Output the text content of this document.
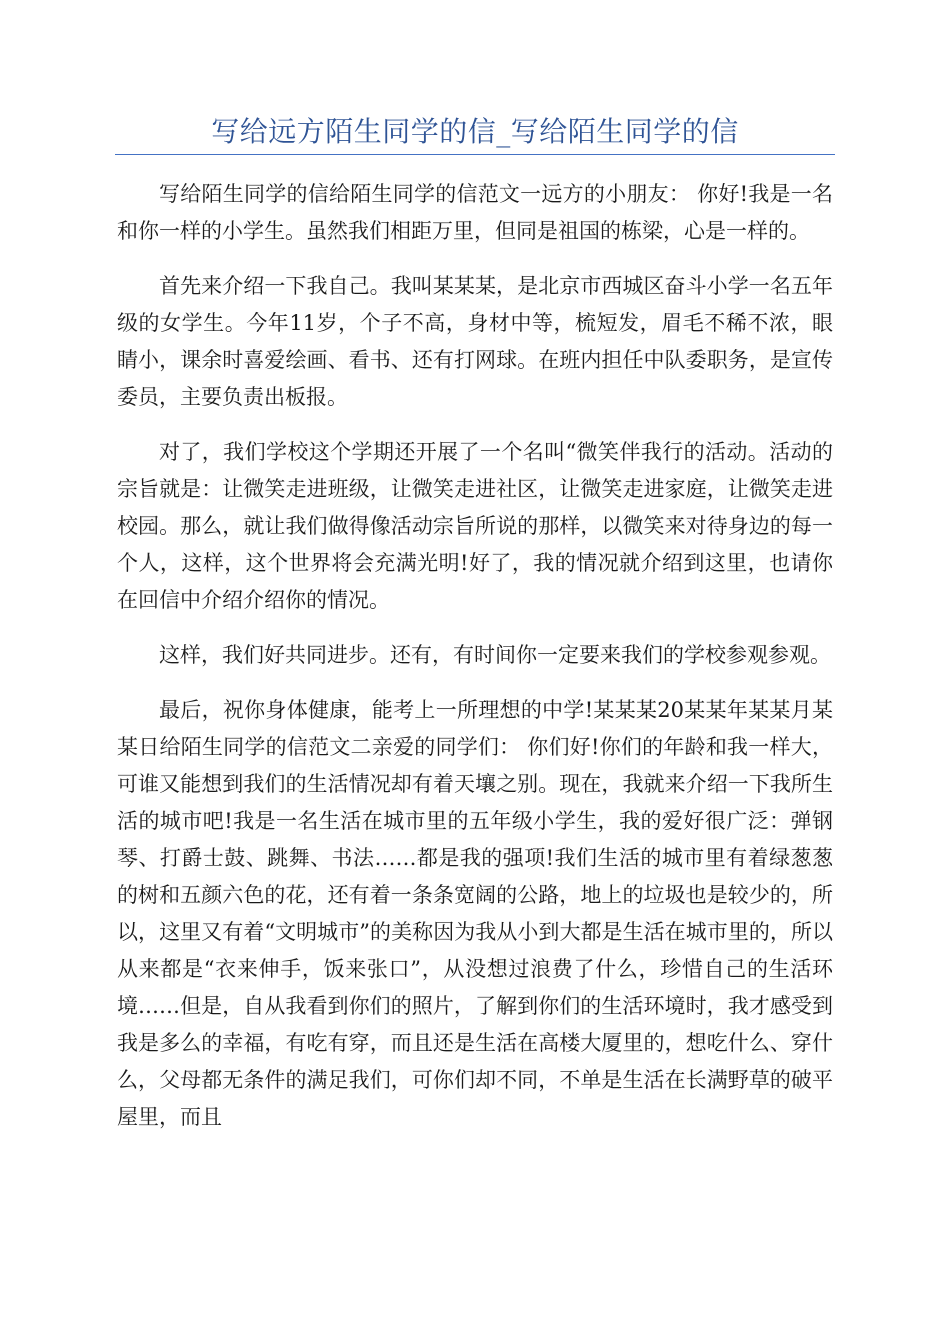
写给远方陌生同学的信_写给陌生同学的信

写给陌生同学的信给陌生同学的信范文一远方的小朋友： 你好!我是一名和你一样的小学生。虽然我们相距万里，但同是祖国的栋梁，心是一样的。

首先来介绍一下我自己。我叫某某某，是北京市西城区奋斗小学一名五年级的女学生。今年11岁，个子不高，身材中等，梳短发，眉毛不稀不浓，眼睛小，课余时喜爱绘画、看书、还有打网球。在班内担任中队委职务，是宣传委员，主要负责出板报。

对了，我们学校这个学期还开展了一个名叫“微笑伴我行的活动。活动的宗旨就是：让微笑走进班级，让微笑走进社区，让微笑走进家庭，让微笑走进校园。那么，就让我们做得像活动宗旨所说的那样，以微笑来对待身边的每一个人，这样，这个世界将会充满光明!好了，我的情况就介绍到这里，也请你在回信中介绍介绍你的情况。

这样，我们好共同进步。还有，有时间你一定要来我们的学校参观参观。

最后，祝你身体健康，能考上一所理想的中学!某某某20某某年某某月某某日给陌生同学的信范文二亲爱的同学们： 你们好!你们的年龄和我一样大，可谁又能想到我们的生活情况却有着天壤之别。现在，我就来介绍一下我所生活的城市吧!我是一名生活在城市里的五年级小学生，我的爱好很广泛：弹钢琴、打爵士鼓、跳舞、书法……都是我的强项!我们生活的城市里有着绿葱葱的树和五颜六色的花，还有着一条条宽阔的公路，地上的垃圾也是较少的，所以，这里又有着“文明城市”的美称因为我从小到大都是生活在城市里的，所以从来都是“衣来伸手，饭来张口”，从没想过浪费了什么，珍惜自己的生活环境……但是，自从我看到你们的照片，了解到你们的生活环境时，我才感受到我是多么的幸福，有吃有穿，而且还是生活在高楼大厦里的，想吃什么、穿什么，父母都无条件的满足我们，可你们却不同，不单是生活在长满野草的破平屋里，而且
